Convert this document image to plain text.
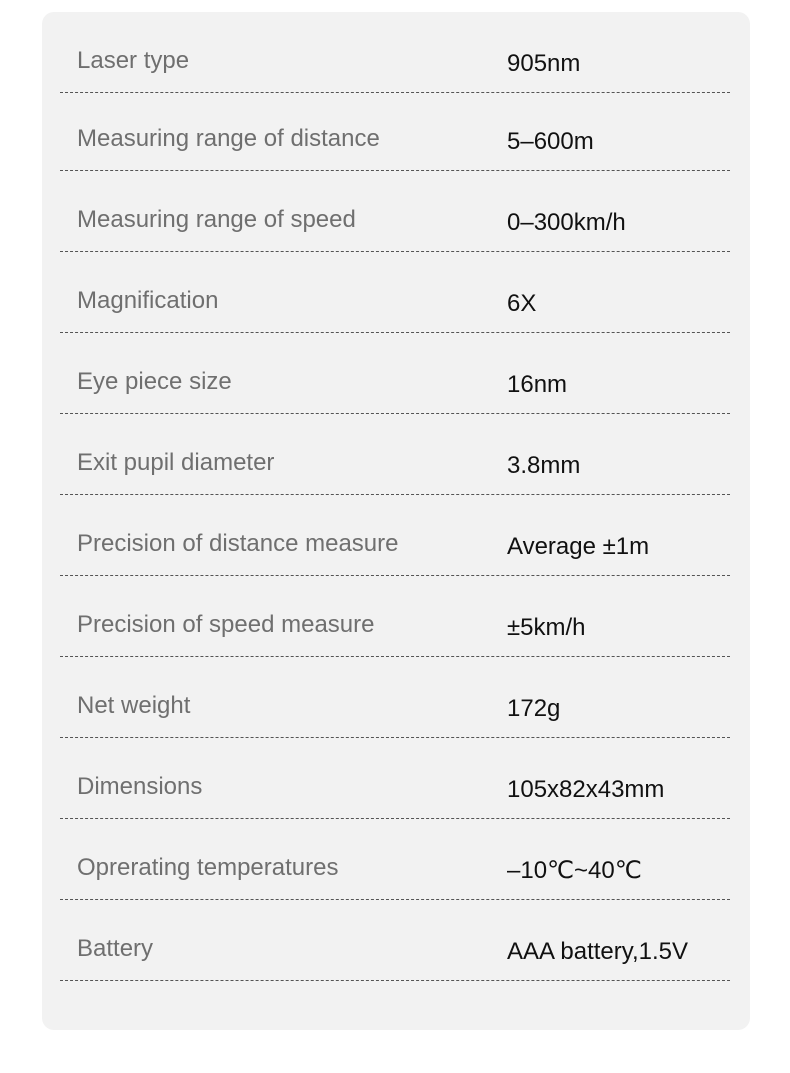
Laser type	905nm
Measuring range of distance	5–600m
Measuring range of speed	0–300km/h
Magnification	6X
Eye piece size	16nm
Exit pupil diameter	3.8mm
Precision of distance measure	Average ±1m
Precision of speed measure	±5km/h
Net weight	172g
Dimensions	105x82x43mm
Oprerating temperatures	–10℃~40℃
Battery	AAA battery,1.5V
